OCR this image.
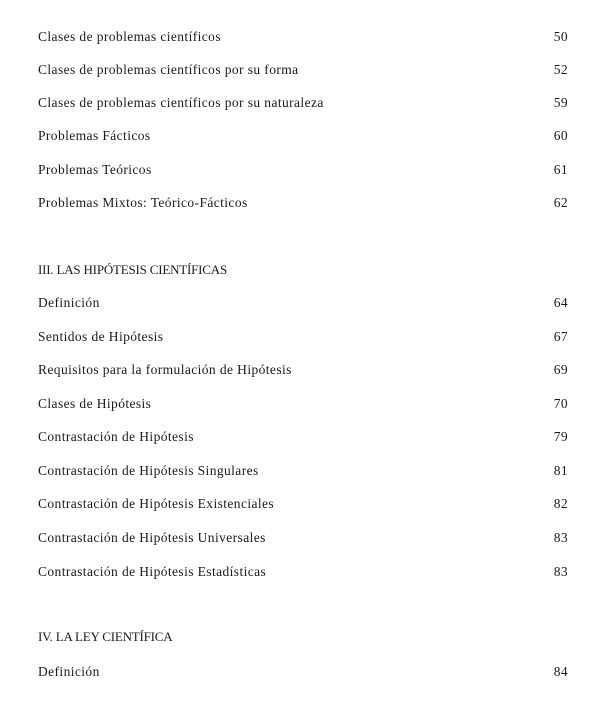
Clases de problemas científicos	50
Clases de problemas científicos por su forma	52
Clases de problemas científicos por su naturaleza	59
Problemas Fácticos	60
Problemas Teóricos	61
Problemas Mixtos: Teórico-Fácticos	62
III. LAS HIPÓTESIS CIENTÍFICAS
Definición	64
Sentidos de Hipótesis	67
Requisitos para la formulación de Hipótesis	69
Clases de Hipótesis	70
Contrastación de Hipótesis	79
Contrastación de Hipótesis Singulares	81
Contrastación de Hipótesis Existenciales	82
Contrastación de Hipótesis Universales	83
Contrastación de Hipótesis Estadísticas	83
IV. LA LEY CIENTÍFICA
Definición	84
